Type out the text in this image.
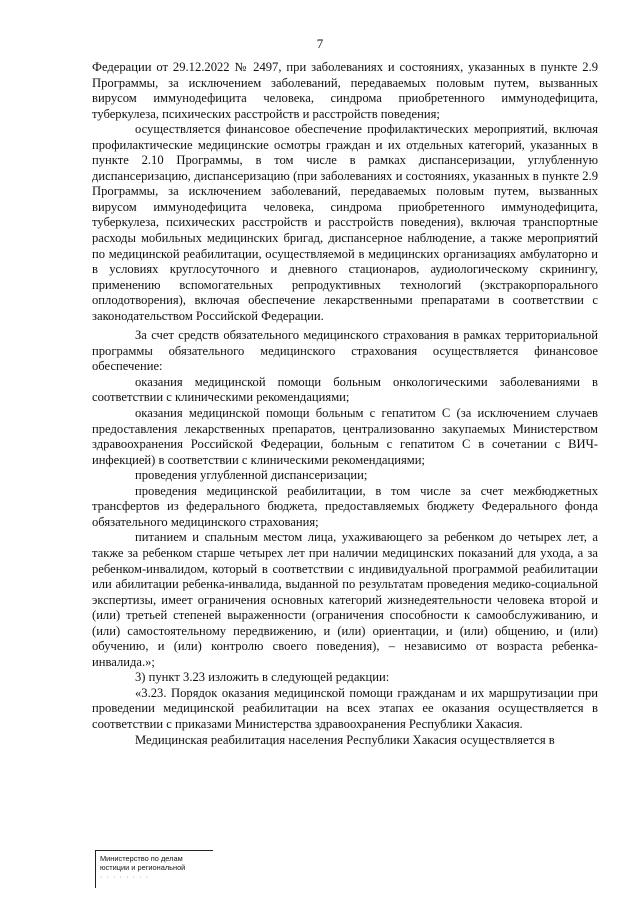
7

Федерации от 29.12.2022 № 2497, при заболеваниях и состояниях, указанных в пункте 2.9 Программы, за исключением заболеваний, передаваемых половым путем, вызванных вирусом иммунодефицита человека, синдрома приобретенного иммунодефицита, туберкулеза, психических расстройств и расстройств поведения;

осуществляется финансовое обеспечение профилактических мероприятий, включая профилактические медицинские осмотры граждан и их отдельных категорий, указанных в пункте 2.10 Программы, в том числе в рамках диспансеризации, углубленную диспансеризацию, диспансеризацию (при заболеваниях и состояниях, указанных в пункте 2.9 Программы, за исключением заболеваний, передаваемых половым путем, вызванных вирусом иммунодефицита человека, синдрома приобретенного иммунодефицита, туберкулеза, психических расстройств и расстройств поведения), включая транспортные расходы мобильных медицинских бригад, диспансерное наблюдение, а также мероприятий по медицинской реабилитации, осуществляемой в медицинских организациях амбулаторно и в условиях круглосуточного и дневного стационаров, аудиологическому скринингу, применению вспомогательных репродуктивных технологий (экстракорпорального оплодотворения), включая обеспечение лекарственными препаратами в соответствии с законодательством Российской Федерации.

За счет средств обязательного медицинского страхования в рамках территориальной программы обязательного медицинского страхования осуществляется финансовое обеспечение:

оказания медицинской помощи больным онкологическими заболеваниями в соответствии с клиническими рекомендациями;

оказания медицинской помощи больным с гепатитом С (за исключением случаев предоставления лекарственных препаратов, централизованно закупаемых Министерством здравоохранения Российской Федерации, больным с гепатитом С в сочетании с ВИЧ-инфекцией) в соответствии с клиническими рекомендациями;

проведения углубленной диспансеризации;

проведения медицинской реабилитации, в том числе за счет межбюджетных трансфертов из федерального бюджета, предоставляемых бюджету Федерального фонда обязательного медицинского страхования;

питанием и спальным местом лица, ухаживающего за ребенком до четырех лет, а также за ребенком старше четырех лет при наличии медицинских показаний для ухода, а за ребенком-инвалидом, который в соответствии с индивидуальной программой реабилитации или абилитации ребенка-инвалида, выданной по результатам проведения медико-социальной экспертизы, имеет ограничения основных категорий жизнедеятельности человека второй и (или) третьей степеней выраженности (ограничения способности к самообслуживанию, и (или) самостоятельному передвижению, и (или) ориентации, и (или) общению, и (или) обучению, и (или) контролю своего поведения), – независимо от возраста ребенка-инвалида.»;

3) пункт 3.23 изложить в следующей редакции:

«3.23. Порядок оказания медицинской помощи гражданам и их маршрутизации при проведении медицинской реабилитации на всех этапах ее оказания осуществляется в соответствии с приказами Министерства здравоохранения Республики Хакасия.

Медицинская реабилитация населения Республики Хакасия осуществляется в

Министерство по делам
юстиции и региональной
· · · · · · · ·
